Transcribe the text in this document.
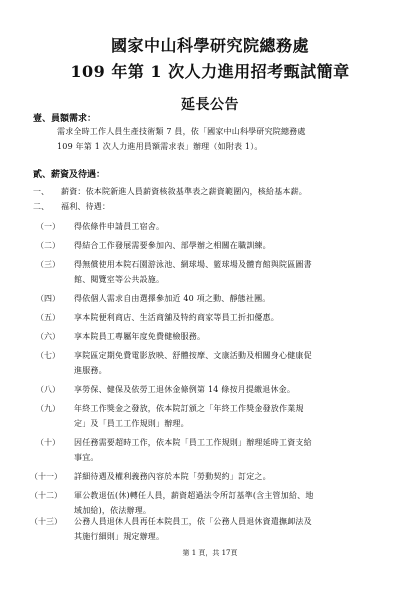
國家中山科學研究院總務處
109 年第 1 次人力進用招考甄試簡章
延長公告
壹、員額需求：
需求全時工作人員生產技術類 7 員，依「國家中山科學研究院總務處
109 年第 1 次人力進用員額需求表」辦理（如附表 1）。
貳、薪資及待遇：
一、 薪資：依本院新進人員薪資核敘基準表之薪資範圍內，核給基本薪。
二、 福利、待遇：
（一） 得依條件申請員工宿舍。
（二） 得結合工作發展需要參加內、部學辦之相關在職訓練。
（三） 得無償使用本院石園游泳池、網球場、籃球場及體育館與院區圖書
館、閱覽室等公共設施。
（四） 得依個人需求自由選擇參加近 40 項之動、靜態社團。
（五） 享本院便利商店、生活商舖及特約商家等員工折扣優惠。
（六） 享本院員工專屬年度免費健檢服務。
（七） 享院區定期免費電影放映、舒體按摩、文康活動及相關身心健康促
進服務。
（八） 享勞保、健保及依勞工退休金條例第 14 條按月提繳退休金。
（九） 年終工作獎金之發放，依本院訂頒之「年終工作獎金發放作業規
定」及「員工工作規則」辦理。
（十） 因任務需要超時工作，依本院「員工工作規則」辦理延時工資支給
事宜。
（十一） 詳細待遇及權利義務內容於本院「勞動契約」訂定之。
（十二） 軍公教退伍(休)轉任人員，薪資超過法令所訂基準(含主管加給、地
域加給)，依法辦理。
（十三） 公務人員退休人員再任本院員工，依「公務人員退休資遣撫卹法及
其施行細則」規定辦理。
第 1 頁，共 17頁
